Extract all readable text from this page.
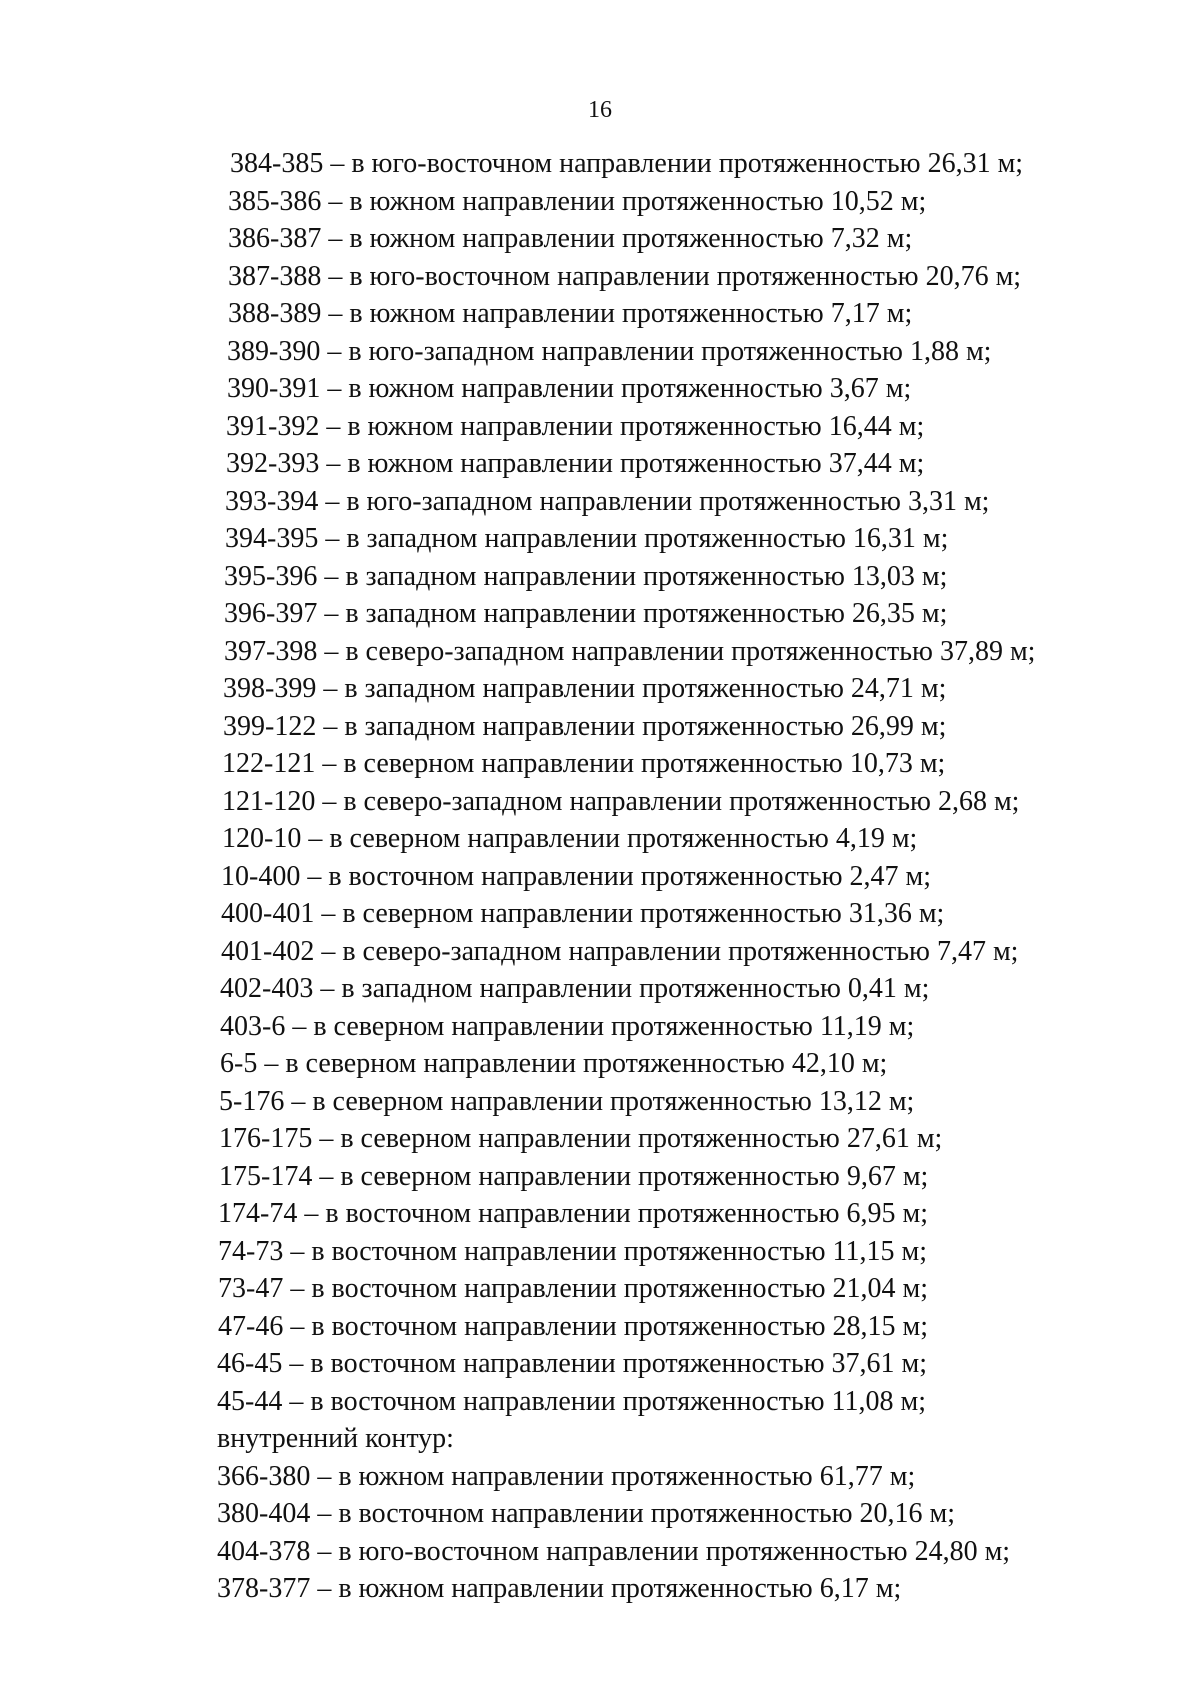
16
384-385 – в юго-восточном направлении протяженностью 26,31 м;
385-386 – в южном направлении протяженностью 10,52 м;
386-387 – в южном направлении протяженностью 7,32 м;
387-388 – в юго-восточном направлении протяженностью 20,76 м;
388-389 – в южном направлении протяженностью 7,17 м;
389-390 – в юго-западном направлении протяженностью 1,88 м;
390-391 – в южном направлении протяженностью 3,67 м;
391-392 – в южном направлении протяженностью 16,44 м;
392-393 – в южном направлении протяженностью 37,44 м;
393-394 – в юго-западном направлении протяженностью 3,31 м;
394-395 – в западном направлении протяженностью 16,31 м;
395-396 – в западном направлении протяженностью 13,03 м;
396-397 – в западном направлении протяженностью 26,35 м;
397-398 – в северо-западном направлении протяженностью 37,89 м;
398-399 – в западном направлении протяженностью 24,71 м;
399-122 – в западном направлении протяженностью 26,99 м;
122-121 – в северном направлении протяженностью 10,73 м;
121-120 – в северо-западном направлении протяженностью 2,68 м;
120-10 – в северном направлении протяженностью 4,19 м;
10-400 – в восточном направлении протяженностью 2,47 м;
400-401 – в северном направлении протяженностью 31,36 м;
401-402 – в северо-западном направлении протяженностью 7,47 м;
402-403 – в западном направлении протяженностью 0,41 м;
403-6 – в северном направлении протяженностью 11,19 м;
6-5 – в северном направлении протяженностью 42,10 м;
5-176 – в северном направлении протяженностью 13,12 м;
176-175 – в северном направлении протяженностью 27,61 м;
175-174 – в северном направлении протяженностью 9,67 м;
174-74 – в восточном направлении протяженностью 6,95 м;
74-73 – в восточном направлении протяженностью 11,15 м;
73-47 – в восточном направлении протяженностью 21,04 м;
47-46 – в восточном направлении протяженностью 28,15 м;
46-45 – в восточном направлении протяженностью 37,61 м;
45-44 – в восточном направлении протяженностью 11,08 м;
внутренний контур:
366-380 – в южном направлении протяженностью 61,77 м;
380-404 – в восточном направлении протяженностью 20,16 м;
404-378 – в юго-восточном направлении протяженностью 24,80 м;
378-377 – в южном направлении протяженностью 6,17 м;
